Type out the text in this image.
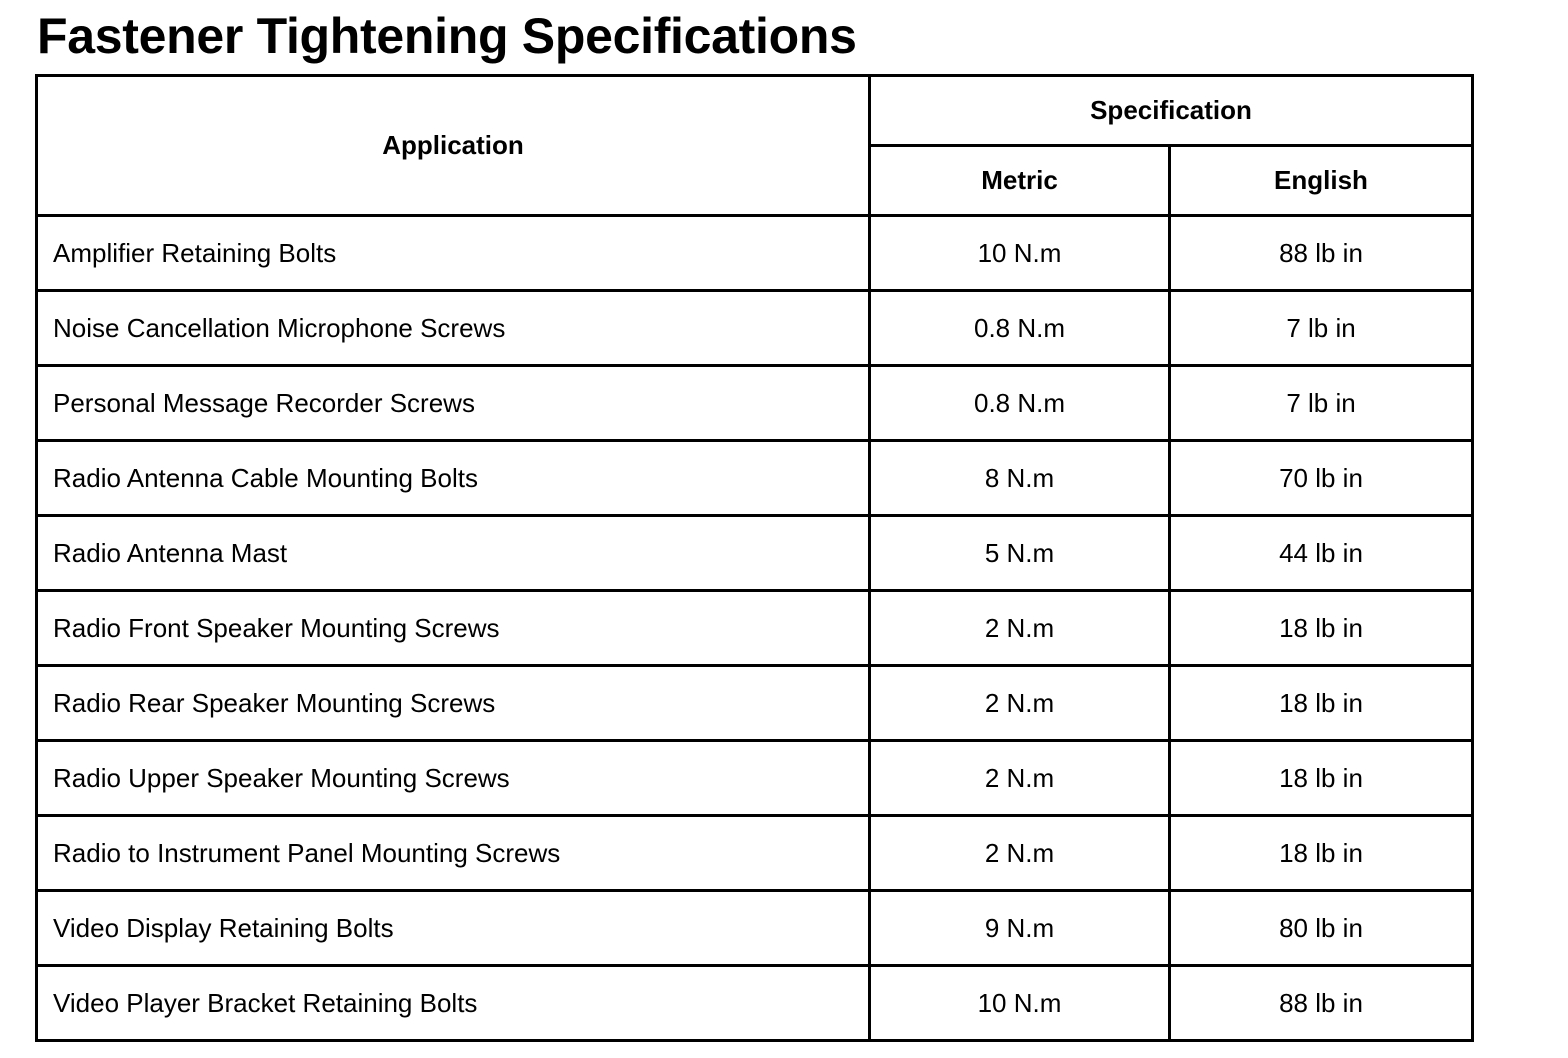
Fastener Tightening Specifications
Application	Specification	
	Metric	English
Amplifier Retaining Bolts	10 N.m	88 lb in
Noise Cancellation Microphone Screws	0.8 N.m	7 lb in
Personal Message Recorder Screws	0.8 N.m	7 lb in
Radio Antenna Cable Mounting Bolts	8 N.m	70 lb in
Radio Antenna Mast	5 N.m	44 lb in
Radio Front Speaker Mounting Screws	2 N.m	18 lb in
Radio Rear Speaker Mounting Screws	2 N.m	18 lb in
Radio Upper Speaker Mounting Screws	2 N.m	18 lb in
Radio to Instrument Panel Mounting Screws	2 N.m	18 lb in
Video Display Retaining Bolts	9 N.m	80 lb in
Video Player Bracket Retaining Bolts	10 N.m	88 lb in
